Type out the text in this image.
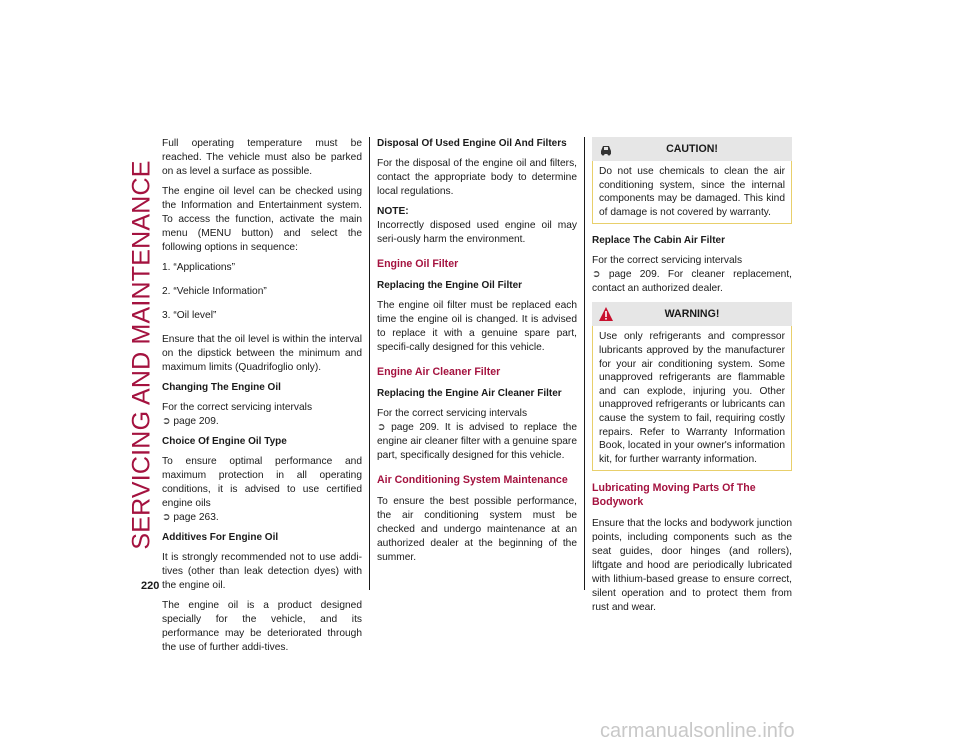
SERVICING AND MAINTENANCE
220

Full operating temperature must be reached. The vehicle must also be parked on as level a surface as possible.

The engine oil level can be checked using the Information and Entertainment system. To access the function, activate the main menu (MENU button) and select the following options in sequence:

1. “Applications”
2. “Vehicle Information”
3. “Oil level”

Ensure that the oil level is within the interval on the dipstick between the minimum and maximum limits (Quadrifoglio only).

Changing The Engine Oil

For the correct servicing intervals
➲ page 209.

Choice Of Engine Oil Type

To ensure optimal performance and maximum protection in all operating conditions, it is advised to use certified engine oils
➲ page 263.

Additives For Engine Oil

It is strongly recommended not to use addi-tives (other than leak detection dyes) with the engine oil.

The engine oil is a product designed specially for the vehicle, and its performance may be deteriorated through the use of further addi-tives.

Disposal Of Used Engine Oil And Filters

For the disposal of the engine oil and filters, contact the appropriate body to determine local regulations.

NOTE:

Incorrectly disposed used engine oil may seri-ously harm the environment.

Engine Oil Filter
Replacing the Engine Oil Filter

The engine oil filter must be replaced each time the engine oil is changed. It is advised to replace it with a genuine spare part, specifi-cally designed for this vehicle.

Engine Air Cleaner Filter
Replacing the Engine Air Cleaner Filter

For the correct servicing intervals
➲ page 209. It is advised to replace the engine air cleaner filter with a genuine spare part, specifically designed for this vehicle.

Air Conditioning System Maintenance

To ensure the best possible performance, the air conditioning system must be checked and undergo maintenance at an authorized dealer at the beginning of the summer.

CAUTION!

Do not use chemicals to clean the air conditioning system, since the internal components may be damaged. This kind of damage is not covered by warranty.

Replace The Cabin Air Filter

For the correct servicing intervals
➲ page 209. For cleaner replacement, contact an authorized dealer.

WARNING!

Use only refrigerants and compressor lubricants approved by the manufacturer for your air conditioning system. Some unapproved refrigerants are flammable and can explode, injuring you. Other unapproved refrigerants or lubricants can cause the system to fail, requiring costly repairs. Refer to Warranty Information Book, located in your owner's information kit, for further warranty information.

Lubricating Moving Parts Of The Bodywork

Ensure that the locks and bodywork junction points, including components such as the seat guides, door hinges (and rollers), liftgate and hood are periodically lubricated with lithium-based grease to ensure correct, silent operation and to protect them from rust and wear.

carmanualsonline.info
